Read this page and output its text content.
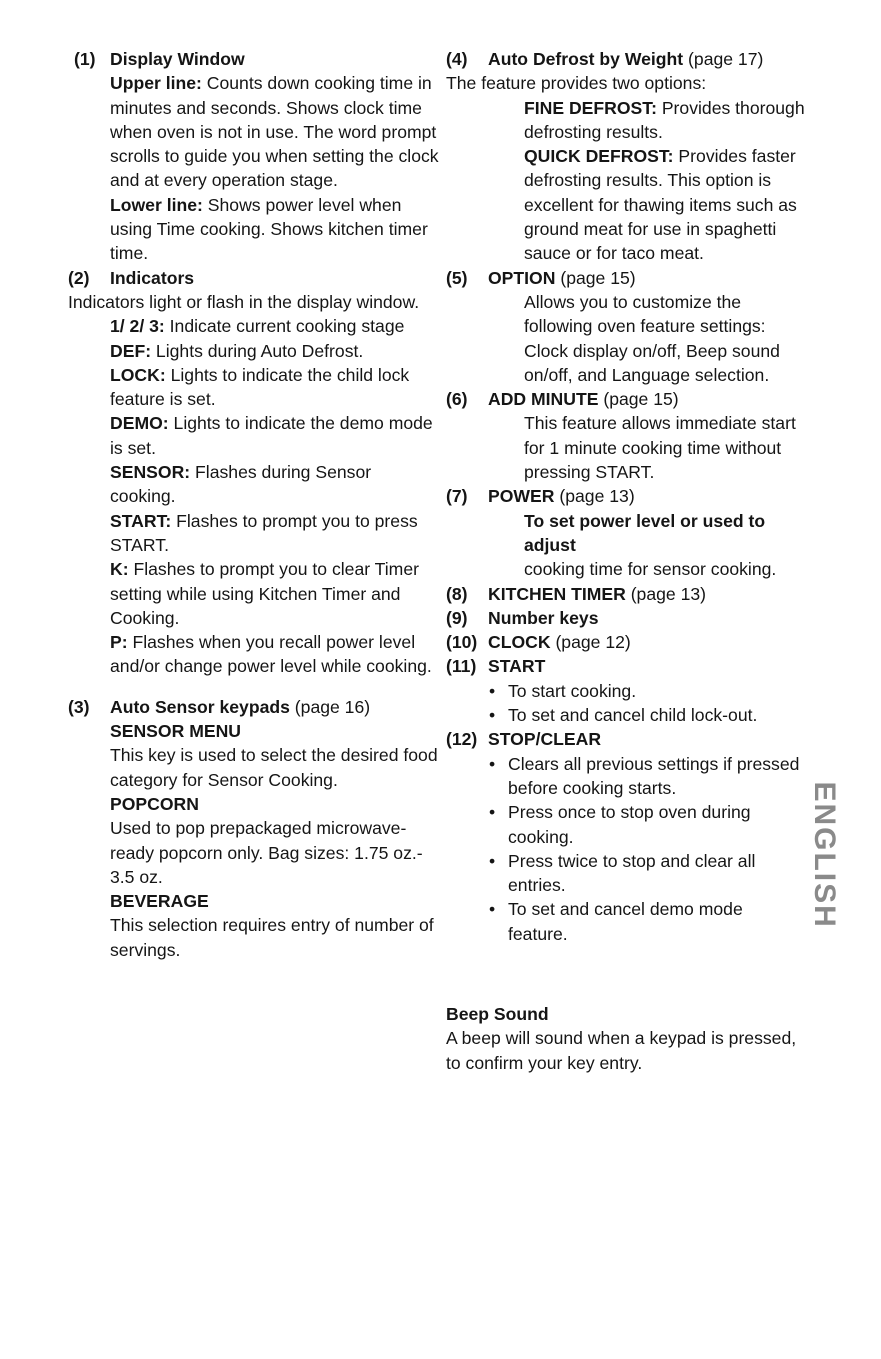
(1) Display Window
Upper line: Counts down cooking time in minutes and seconds. Shows clock time when oven is not in use. The word prompt scrolls to guide you when setting the clock and at every operation stage.
Lower line: Shows power level when using Time cooking. Shows kitchen timer time.
(2) Indicators
Indicators light or flash in the display window.
1/ 2/ 3: Indicate current cooking stage
DEF: Lights during Auto Defrost.
LOCK: Lights to indicate the child lock feature is set.
DEMO: Lights to indicate the demo mode is set.
SENSOR: Flashes during Sensor cooking.
START: Flashes to prompt you to press START.
K: Flashes to prompt you to clear Timer setting while using Kitchen Timer and Cooking.
P: Flashes when you recall power level and/or change power level while cooking.
(3) Auto Sensor keypads (page 16)
SENSOR MENU
This key is used to select the desired food category for Sensor Cooking.
POPCORN
Used to pop prepackaged microwave-ready popcorn only. Bag sizes: 1.75 oz.- 3.5 oz.
BEVERAGE
This selection requires entry of number of servings.
(4) Auto Defrost by Weight (page 17)
The feature provides two options:
FINE DEFROST: Provides thorough defrosting results.
QUICK DEFROST: Provides faster defrosting results. This option is excellent for thawing items such as ground meat for use in spaghetti sauce or for taco meat.
(5) OPTION (page 15)
Allows you to customize the following oven feature settings: Clock display on/off, Beep sound on/off, and Language selection.
(6) ADD MINUTE (page 15)
This feature allows immediate start for 1 minute cooking time without pressing START.
(7) POWER (page 13)
To set power level or used to adjust
cooking time for sensor cooking.
(8) KITCHEN TIMER (page 13)
(9) Number keys
(10) CLOCK (page 12)
(11) START
• To start cooking.
• To set and cancel child lock-out.
(12) STOP/CLEAR
• Clears all previous settings if pressed before cooking starts.
• Press once to stop oven during cooking.
• Press twice to stop and clear all entries.
• To set and cancel demo mode feature.
Beep Sound
A beep will sound when a keypad is pressed, to confirm your key entry.
ENGLISH
